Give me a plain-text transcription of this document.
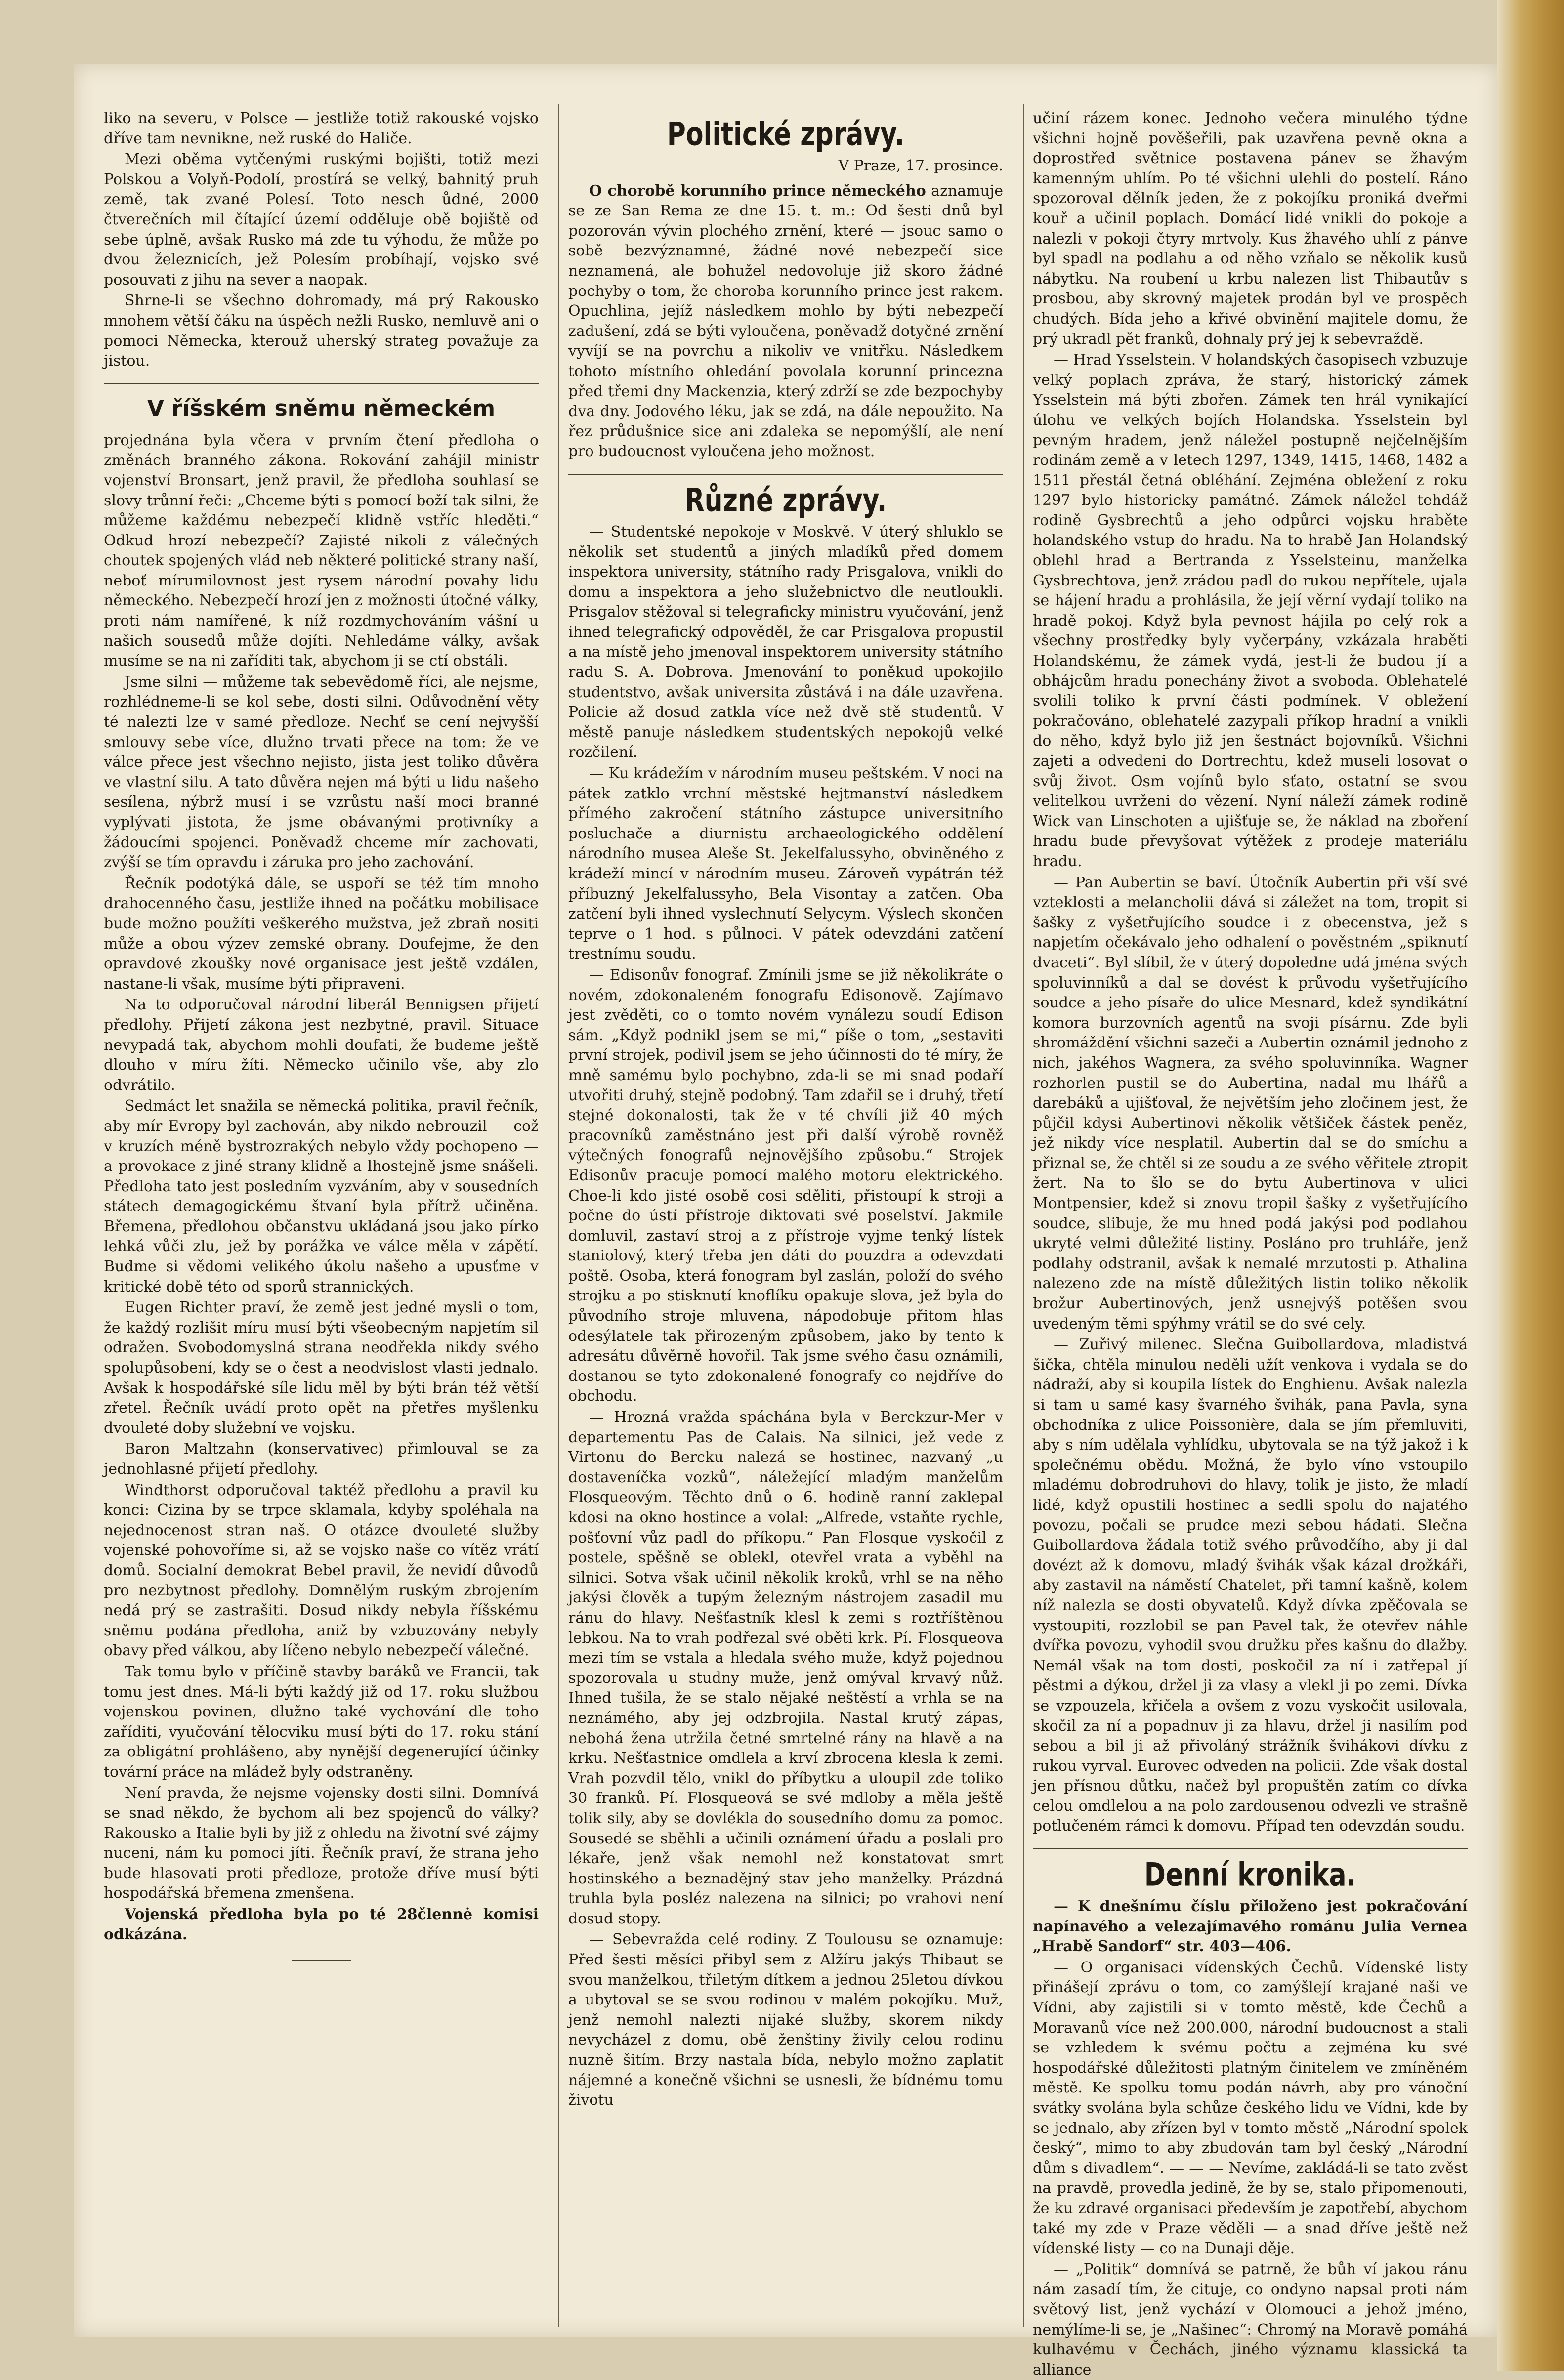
liko na severu, v Polsce — jestliže totiž rakouské vojsko dříve tam nevnikne, než ruské do Haliče.

Mezi oběma vytčenými ruskými bojišti, totiž mezi Polskou a Volyň-Podolí, prostírá se velký, bahnitý pruh země, tak zvané Polesí. Toto nesch ůdné, 2000 čtverečních mil čítající území odděluje obě bojiště od sebe úplně, avšak Rusko má zde tu výhodu, že může po dvou železnicích, jež Polesím probíhají, vojsko své posouvati z jihu na sever a naopak.

Shrne-li se všechno dohromady, má prý Rakousko mnohem větší čáku na úspěch nežli Rusko, nemluvě ani o pomoci Německa, kterouž uherský strateg považuje za jistou.

V říšském sněmu německém

projednána byla včera v prvním čtení předloha o změnách branného zákona. Rokování zahájil ministr vojenství Bronsart, jenž pravil, že předloha souhlasí se slovy trůnní řeči: „Chceme býti s pomocí boží tak silni, že můžeme každému nebezpečí klidně vstříc hleděti.“ Odkud hrozí nebezpečí? Zajisté nikoli z válečných choutek spojených vlád neb některé politické strany naší, neboť mírumilovnost jest rysem národní povahy lidu německého. Nebezpečí hrozí jen z možnosti útočné války, proti nám namířené, k níž rozdmychováním vášní u našich sousedů může dojíti. Nehledáme války, avšak musíme se na ni zaříditi tak, abychom ji se ctí obstáli.

Jsme silni — můžeme tak sebevědomě říci, ale nejsme, rozhlédneme-li se kol sebe, dosti silni. Odůvodnění věty té nalezti lze v samé předloze. Nechť se cení nejvyšší smlouvy sebe více, dlužno trvati přece na tom: že ve válce přece jest všechno nejisto, jista jest toliko důvěra ve vlastní silu. A tato důvěra nejen má býti u lidu našeho sesílena, nýbrž musí i se vzrůstu naší moci branné vyplývati jistota, že jsme obávanými protivníky a žádoucími spojenci. Poněvadž chceme mír zachovati, zvýší se tím opravdu i záruka pro jeho zachování.

Řečník podotýká dále, se uspoří se též tím mnoho drahocenného času, jestliže ihned na počátku mobilisace bude možno použíti veškerého mužstva, jež zbraň nositi může a obou výzev zemské obrany. Doufejme, že den opravdové zkoušky nové organisace jest ještě vzdálen, nastane-li však, musíme býti připraveni.

Na to odporučoval národní liberál Bennigsen přijetí předlohy. Přijetí zákona jest nezbytné, pravil. Situace nevypadá tak, abychom mohli doufati, že budeme ještě dlouho v míru žíti. Německo učinilo vše, aby zlo odvrátilo.

Sedmáct let snažila se německá politika, pravil řečník, aby mír Evropy byl zachován, aby nikdo nebrouzil — což v kruzích méně bystrozrakých nebylo vždy pochopeno — a provokace z jiné strany klidně a lhostejně jsme snášeli. Předloha tato jest posledním vyzváním, aby v sousedních státech demagogickému štvaní byla přítrž učiněna. Břemena, předlohou občanstvu ukládaná jsou jako pírko lehká vůči zlu, jež by porážka ve válce měla v zápětí. Budme si vědomi velikého úkolu našeho a upusťme v kritické době této od sporů strannických.

Eugen Richter praví, že země jest jedné mysli o tom, že každý rozlišit míru musí býti všeobecným napjetím sil odražen. Svobodomyslná strana neodřekla nikdy svého spolupůsobení, kdy se o čest a neodvislost vlasti jednalo. Avšak k hospodářské síle lidu měl by býti brán též větší zřetel. Řečník uvádí proto opět na přetřes myšlenku dvouleté doby služební ve vojsku.

Baron Maltzahn (konservativec) přimlouval se za jednohlasné přijetí předlohy.

Windthorst odporučoval taktéž předlohu a pravil ku konci: Cizina by se trpce sklamala, kdyby spoléhala na nejednocenost stran naš. O otázce dvouleté služby vojenské pohovoříme si, až se vojsko naše co vítěz vrátí domů. Socialní demokrat Bebel pravil, že nevidí důvodů pro nezbytnost předlohy. Domnělým ruským zbrojením nedá prý se zastrašiti. Dosud nikdy nebyla říšskému sněmu podána předloha, aniž by vzbuzovány nebyly obavy před válkou, aby líčeno nebylo nebezpečí válečné.

Tak tomu bylo v příčině stavby baráků ve Francii, tak tomu jest dnes. Má-li býti každý již od 17. roku službou vojenskou povinen, dlužno také vychování dle toho zaříditi, vyučování tělocviku musí býti do 17. roku stání za obligátní prohlášeno, aby nynější degenerující účinky tovární práce na mládež byly odstraněny.

Není pravda, že nejsme vojensky dosti silni. Domnívá se snad někdo, že bychom ali bez spojenců do války? Rakousko a Italie byli by již z ohledu na životní své zájmy nuceni, nám ku pomoci jíti. Řečník praví, že strana jeho bude hlasovati proti předloze, protože dříve musí býti hospodářská břemena zmenšena.

Vojenská předloha byla po té 28člennė komisi odkázána.

Politické zprávy.
V Praze, 17. prosince.

O chorobě korunního prince německého aznamuje se ze San Rema ze dne 15. t. m.: Od šesti dnů byl pozorován vývin plochého zrnění, které — jsouc samo o sobě bezvýznamné, žádné nové nebezpečí sice neznamená, ale bohužel nedovoluje již skoro žádné pochyby o tom, že choroba korunního prince jest rakem. Opuchlina, jejíž následkem mohlo by býti nebezpečí zadušení, zdá se býti vyloučena, poněvadž dotyčné zrnění vyvíjí se na povrchu a nikoliv ve vnitřku. Následkem tohoto místního ohledání povolala korunní princezna před třemi dny Mackenzia, který zdrží se zde bezpochyby dva dny. Jodového léku, jak se zdá, na dále nepoužito. Na řez průdušnice sice ani zdaleka se nepomýšlí, ale není pro budoucnost vyloučena jeho možnost.

Různé zprávy.

— Studentské nepokoje v Moskvě. V úterý shluklo se několik set studentů a jiných mladíků před domem inspektora university, státního rady Prisgalova, vnikli do domu a inspektora a jeho služebnictvo dle neutloukli. Prisgalov stěžoval si telegraficky ministru vyučování, jenž ihned telegrafický odpověděl, že car Prisgalova propustil a na místě jeho jmenoval inspektorem university státního radu S. A. Dobrova. Jmenování to poněkud upokojilo studentstvo, avšak universita zůstává i na dále uzavřena. Policie až dosud zatkla více než dvě stě studentů. V městě panuje následkem studentských nepokojů velké rozčilení.

— Ku krádežím v národním museu peštském. V noci na pátek zatklo vrchní městské hejtmanství následkem přímého zakročení státního zástupce universitního posluchače a diurnistu archaeologického oddělení národního musea Aleše St. Jekelfalussyho, obviněného z krádeží mincí v národním museu. Zároveň vypátrán též příbuzný Jekelfalussyho, Bela Visontay a zatčen. Oba zatčení byli ihned vyslechnutí Selycym. Výslech skončen teprve o 1 hod. s půlnoci. V pátek odevzdáni zatčení trestnímu soudu.

— Edisonův fonograf. Zmínili jsme se již několikráte o novém, zdokonaleném fonografu Edisonově. Zajímavo jest zvěděti, co o tomto novém vynálezu soudí Edison sám. „Když podnikl jsem se mi,“ píše o tom, „sestaviti první strojek, podivil jsem se jeho účinnosti do té míry, že mně samému bylo pochybno, zda-li se mi snad podaří utvořiti druhý, stejně podobný. Tam zdařil se i druhý, třetí stejné dokonalosti, tak že v té chvíli již 40 mých pracovníků zaměstnáno jest při další výrobě rovněž výtečných fonografů nejnovějšího způsobu.“ Strojek Edisonův pracuje pomocí malého motoru elektrického. Choe-li kdo jisté osobě cosi sděliti, přistoupí k stroji a počne do ústí přístroje diktovati své poselství. Jakmile domluvil, zastaví stroj a z přístroje vyjme tenký lístek staniolový, který třeba jen dáti do pouzdra a odevzdati poště. Osoba, která fonogram byl zaslán, položí do svého strojku a po stisknutí knoflíku opakuje slova, jež byla do původního stroje mluvena, nápodobuje přitom hlas odesýlatele tak přirozeným způsobem, jako by tento k adresátu důvěrně hovořil. Tak jsme svého času oznámili, dostanou se tyto zdokonalené fonografy co nejdříve do obchodu.

— Hrozná vražda spáchána byla v Berckzur-Mer v departementu Pas de Calais. Na silnici, jež vede z Virtonu do Bercku nalezá se hostinec, nazvaný „u dostaveníčka vozků“, náležející mladým manželům Flosqueovým. Těchto dnů o 6. hodině ranní zaklepal kdosi na okno hostince a volal: „Alfrede, vstaňte rychle, pošťovní vůz padl do příkopu.“ Pan Flosque vyskočil z postele, spěšně se oblekl, otevřel vrata a vyběhl na silnici. Sotva však učinil několik kroků, vrhl se na něho jakýsi člověk a tupým železným nástrojem zasadil mu ránu do hlavy. Nešťastník klesl k zemi s roztříštěnou lebkou. Na to vrah podřezal své oběti krk. Pí. Flosqueova mezi tím se vstala a hledala svého muže, když pojednou spozorovala u studny muže, jenž omýval krvavý nůž. Ihned tušila, že se stalo nějaké neštěstí a vrhla se na neznámého, aby jej odzbrojila. Nastal krutý zápas, nebohá žena utržila četné smrtelné rány na hlavě a na krku. Nešťastnice omdlela a krví zbrocena klesla k zemi. Vrah pozvdil tělo, vnikl do příbytku a uloupil zde toliko 30 franků. Pí. Flosqueová se své mdloby a měla ještě tolik sily, aby se dovlékla do sousedního domu za pomoc. Sousedé se sběhli a učinili oznámení úřadu a poslali pro lékaře, jenž však nemohl než konstatovat smrt hostinského a beznadějný stav jeho manželky. Prázdná truhla byla posléz nalezena na silnici; po vrahovi není dosud stopy.

— Sebevražda celé rodiny. Z Toulousu se oznamuje: Před šesti měsíci přibyl sem z Alžíru jakýs Thibaut se svou manželkou, třiletým dítkem a jednou 25letou dívkou a ubytoval se se svou rodinou v malém pokojíku. Muž, jenž nemohl nalezti nijaké služby, skorem nikdy nevycházel z domu, obě ženštiny živily celou rodinu nuzně šitím. Brzy nastala bída, nebylo možno zaplatit nájemné a konečně všichni se usnesli, že bídnému tomu životu

učiní rázem konec. Jednoho večera minulého týdne všichni hojně pověšeřili, pak uzavřena pevně okna a doprostřed světnice postavena pánev se žhavým kamenným uhlím. Po té všichni ulehli do postelí. Ráno spozoroval dělník jeden, že z pokojíku proniká dveřmi kouř a učinil poplach. Domácí lidé vnikli do pokoje a nalezli v pokoji čtyry mrtvoly. Kus žhavého uhlí z pánve byl spadl na podlahu a od něho vzňalo se několik kusů nábytku. Na roubení u krbu nalezen list Thibautův s prosbou, aby skrovný majetek prodán byl ve prospěch chudých. Bída jeho a křivé obvinění majitele domu, že prý ukradl pět franků, dohnaly prý jej k sebevraždě.

— Hrad Ysselstein. V holandských časopisech vzbuzuje velký poplach zpráva, že starý, historický zámek Ysselstein má býti zbořen. Zámek ten hrál vynikající úlohu ve velkých bojích Holandska. Ysselstein byl pevným hradem, jenž náležel postupně nejčelnějším rodinám země a v letech 1297, 1349, 1415, 1468, 1482 a 1511 přestál četná obléhání. Zejména obležení z roku 1297 bylo historicky památné. Zámek náležel tehdáž rodině Gysbrechtů a jeho odpůrci vojsku hraběte holandského vstup do hradu. Na to hrabě Jan Holandský oblehl hrad a Bertranda z Ysselsteinu, manželka Gysbrechtova, jenž zrádou padl do rukou nepřítele, ujala se hájení hradu a prohlásila, že její věrní vydají toliko na hradě pokoj. Když byla pevnost hájila po celý rok a všechny prostředky byly vyčerpány, vzkázala hraběti Holandskému, že zámek vydá, jest-li že budou jí a obhájcům hradu ponechány život a svoboda. Oblehatelé svolili toliko k první části podmínek. V obležení pokračováno, oblehatelé zazypali příkop hradní a vnikli do něho, když bylo již jen šestnáct bojovníků. Všichni zajeti a odvedeni do Dortrechtu, kdež museli losovat o svůj život. Osm vojínů bylo sťato, ostatní se svou velitelkou uvrženi do vězení. Nyní náleží zámek rodině Wick van Linschoten a ujišťuje se, že náklad na zboření hradu bude převyšovat výtěžek z prodeje materiálu hradu.

— Pan Aubertin se baví. Útočník Aubertin při vší své vzteklosti a melancholii dává si záležet na tom, tropit si šašky z vyšetřujícího soudce i z obecenstva, jež s napjetím očekávalo jeho odhalení o pověstném „spiknutí dvaceti“. Byl slíbil, že v úterý dopoledne udá jména svých spoluvinníků a dal se dovést k průvodu vyšetřujícího soudce a jeho písaře do ulice Mesnard, kdež syndikátní komora burzovních agentů na svoji písárnu. Zde byli shromáždění všichni sazeči a Aubertin oznámil jednoho z nich, jakéhos Wagnera, za svého spoluvinníka. Wagner rozhorlen pustil se do Aubertina, nadal mu lhářů a darebáků a ujišťoval, že největším jeho zločinem jest, že půjčil kdysi Aubertinovi několik většiček částek peněz, jež nikdy více nesplatil. Aubertin dal se do smíchu a přiznal se, že chtěl si ze soudu a ze svého věřitele ztropit žert. Na to šlo se do bytu Aubertinova v ulici Montpensier, kdež si znovu tropil šašky z vyšetřujícího soudce, slibuje, že mu hned podá jakýsi pod podlahou ukryté velmi důležité listiny. Posláno pro truhláře, jenž podlahy odstranil, avšak k nemalé mrzutosti p. Athalina nalezeno zde na místě důležitých listin toliko několik brožur Aubertinových, jenž usnejvýš potěšen svou uvedeným těmi spýhmy vrátil se do své cely.

— Zuřivý milenec. Slečna Guibollardova, mladistvá šička, chtěla minulou neděli užít venkova i vydala se do nádraží, aby si koupila lístek do Enghienu. Avšak nalezla si tam u samé kasy švarného švihák, pana Pavla, syna obchodníka z ulice Poissonière, dala se jím přemluviti, aby s ním udělala vyhlídku, ubytovala se na týž jakož i k společnému obědu. Možná, že bylo víno vstoupilo mladému dobrodruhovi do hlavy, tolik je jisto, že mladí lidé, když opustili hostinec a sedli spolu do najatého povozu, počali se prudce mezi sebou hádati. Slečna Guibollardova žádala totiž svého průvodčího, aby ji dal dovézt až k domovu, mladý švihák však kázal drožkáři, aby zastavil na náměstí Chatelet, při tamní kašně, kolem níž nalezla se dosti obyvatelů. Když dívka zpěčovala se vystoupiti, rozzlobil se pan Pavel tak, že otevřev náhle dvířka povozu, vyhodil svou družku přes kašnu do dlažby. Nemál však na tom dosti, poskočil za ní i zatřepal jí pěstmi a dýkou, držel ji za vlasy a vlekl ji po zemi. Dívka se vzpouzela, křičela a ovšem z vozu vyskočit usilovala, skočil za ní a popadnuv ji za hlavu, držel ji nasilím pod sebou a bil ji až přivoláný strážník švihákovi dívku z rukou vyrval. Eurovec odveden na policii. Zde však dostal jen přísnou důtku, načež byl propuštěn zatím co dívka celou omdlelou a na polo zardousenou odvezli ve strašně potlučeném rámci k domovu. Případ ten odevzdán soudu.

Denní kronika.

— K dnešnímu číslu přiloženo jest pokračování napínavého a velezajímavého románu Julia Vernea „Hrabě Sandorf“ str. 403—406.

— O organisaci vídenských Čechů. Vídenské listy přinášejí zprávu o tom, co zamýšlejí krajané naši ve Vídni, aby zajistili si v tomto městě, kde Čechů a Moravanů více než 200.000, národní budoucnost a stali se vzhledem k svému počtu a zejména ku své hospodářské důležitosti platným činitelem ve zmíněném městě. Ke spolku tomu podán návrh, aby pro vánoční svátky svolána byla schůze českého lidu ve Vídni, kde by se jednalo, aby zřízen byl v tomto městě „Národní spolek český“, mimo to aby zbudován tam byl český „Národní dům s divadlem“. — — — Nevíme, zakládá-li se tato zvěst na pravdě, provedla jedině, že by se, stalo připomenouti, že ku zdravé organisaci především je zapotřebí, abychom také my zde v Praze věděli — a snad dříve ještě než vídenské listy — co na Dunaji děje.

— „Politik“ domnívá se patrně, že bůh ví jakou ránu nám zasadí tím, že cituje, co ondyno napsal proti nám světový list, jenž vychází v Olomouci a jehož jméno, nemýlíme-li se, je „Našinec“: Chromý na Moravě pomáhá kulhavému v Čechách, jiného významu klassická ta alliance
